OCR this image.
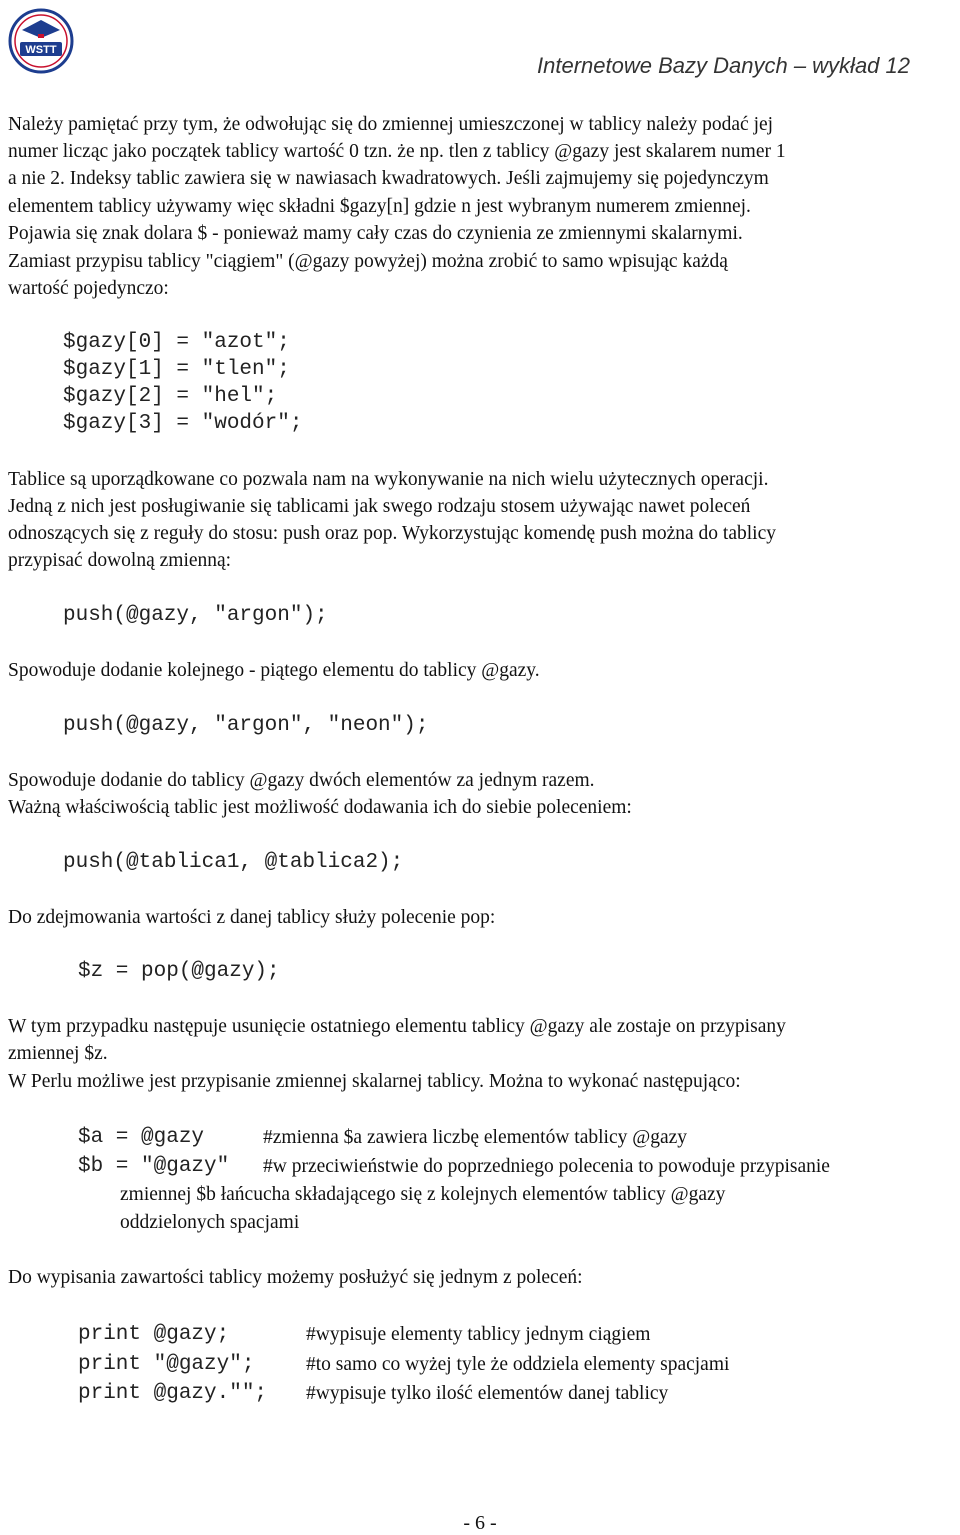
WSTT
Internetowe Bazy Danych – wykład 12
Należy pamiętać przy tym, że odwołując się do zmiennej umieszczonej w tablicy należy podać jej
numer licząc jako początek tablicy wartość 0 tzn. że np. tlen z tablicy @gazy jest skalarem numer 1
a nie 2. Indeksy tablic zawiera się w nawiasach kwadratowych. Jeśli zajmujemy się pojedynczym
elementem tablicy używamy więc składni $gazy[n] gdzie n jest wybranym numerem zmiennej.
Pojawia się znak dolara $ - ponieważ mamy cały czas do czynienia ze zmiennymi skalarnymi.
Zamiast przypisu tablicy "ciągiem" (@gazy powyżej) można zrobić to samo wpisując każdą
wartość pojedynczo:
$gazy[0] = "azot";
$gazy[1] = "tlen";
$gazy[2] = "hel";
$gazy[3] = "wodór";
Tablice są uporządkowane co pozwala nam na wykonywanie na nich wielu użytecznych operacji.
Jedną z nich jest posługiwanie się tablicami jak swego rodzaju stosem używając nawet poleceń
odnoszących się z reguły do stosu: push oraz pop. Wykorzystując komendę push można do tablicy
przypisać dowolną zmienną:
push(@gazy, "argon");
Spowoduje dodanie kolejnego - piątego elementu do tablicy @gazy.
push(@gazy, "argon", "neon");
Spowoduje dodanie do tablicy @gazy dwóch elementów za jednym razem.
Ważną właściwością tablic jest możliwość dodawania ich do siebie poleceniem:
push(@tablica1, @tablica2);
Do zdejmowania wartości z danej tablicy służy polecenie pop:
$z = pop(@gazy);
W tym przypadku następuje usunięcie ostatniego elementu tablicy @gazy ale zostaje on przypisany
zmiennej $z.
W Perlu możliwe jest przypisanie zmiennej skalarnej tablicy. Można to wykonać następująco:
$a = @gazy	#zmienna $a zawiera liczbę elementów tablicy @gazy
$b = "@gazy" #w przeciwieństwie do poprzedniego polecenia to powoduje przypisanie
zmiennej $b łańcucha składającego się z kolejnych elementów tablicy @gazy
oddzielonych spacjami
Do wypisania zawartości tablicy możemy posłużyć się jednym z poleceń:
print @gazy;	#wypisuje elementy tablicy jednym ciągiem
print "@gazy";	#to samo co wyżej tyle że oddziela elementy spacjami
print @gazy.""; #wypisuje tylko ilość elementów danej tablicy
- 6 -
